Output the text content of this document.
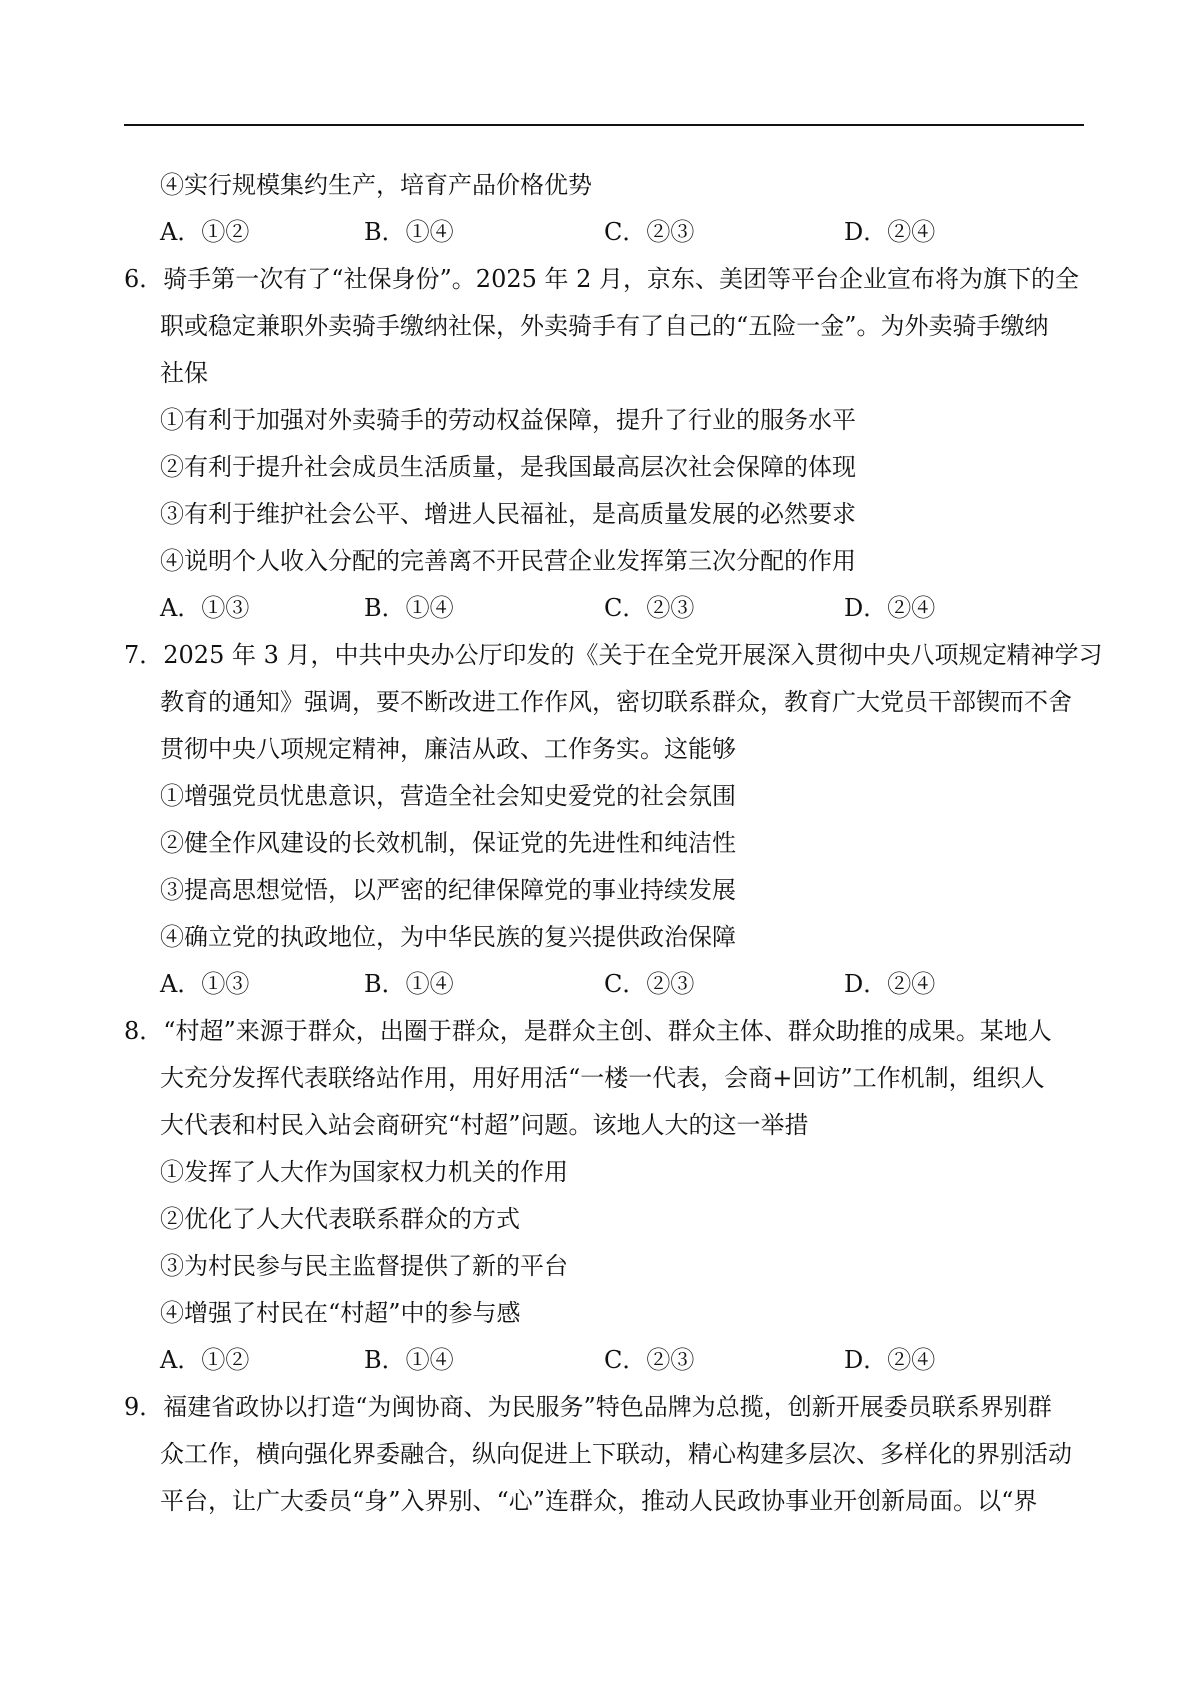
④实行规模集约生产，培育产品价格优势
A．①②	B．①④	C．②③	D．②④
6．骑手第一次有了“社保身份”。2025 年 2 月，京东、美团等平台企业宣布将为旗下的全
职或稳定兼职外卖骑手缴纳社保，外卖骑手有了自己的“五险一金”。为外卖骑手缴纳
社保
①有利于加强对外卖骑手的劳动权益保障，提升了行业的服务水平
②有利于提升社会成员生活质量，是我国最高层次社会保障的体现
③有利于维护社会公平、增进人民福祉，是高质量发展的必然要求
④说明个人收入分配的完善离不开民营企业发挥第三次分配的作用
A．①③	B．①④	C．②③	D．②④
7．2025 年 3 月，中共中央办公厅印发的《关于在全党开展深入贯彻中央八项规定精神学习
教育的通知》强调，要不断改进工作作风，密切联系群众，教育广大党员干部锲而不舍
贯彻中央八项规定精神，廉洁从政、工作务实。这能够
①增强党员忧患意识，营造全社会知史爱党的社会氛围
②健全作风建设的长效机制，保证党的先进性和纯洁性
③提高思想觉悟，以严密的纪律保障党的事业持续发展
④确立党的执政地位，为中华民族的复兴提供政治保障
A．①③	B．①④	C．②③	D．②④
8．“村超”来源于群众，出圈于群众，是群众主创、群众主体、群众助推的成果。某地人
大充分发挥代表联络站作用，用好用活“一楼一代表，会商+回访”工作机制，组织人
大代表和村民入站会商研究“村超”问题。该地人大的这一举措
①发挥了人大作为国家权力机关的作用
②优化了人大代表联系群众的方式
③为村民参与民主监督提供了新的平台
④增强了村民在“村超”中的参与感
A．①②	B．①④	C．②③	D．②④
9．福建省政协以打造“为闽协商、为民服务”特色品牌为总揽，创新开展委员联系界别群
众工作，横向强化界委融合，纵向促进上下联动，精心构建多层次、多样化的界别活动
平台，让广大委员“身”入界别、“心”连群众，推动人民政协事业开创新局面。以“界
